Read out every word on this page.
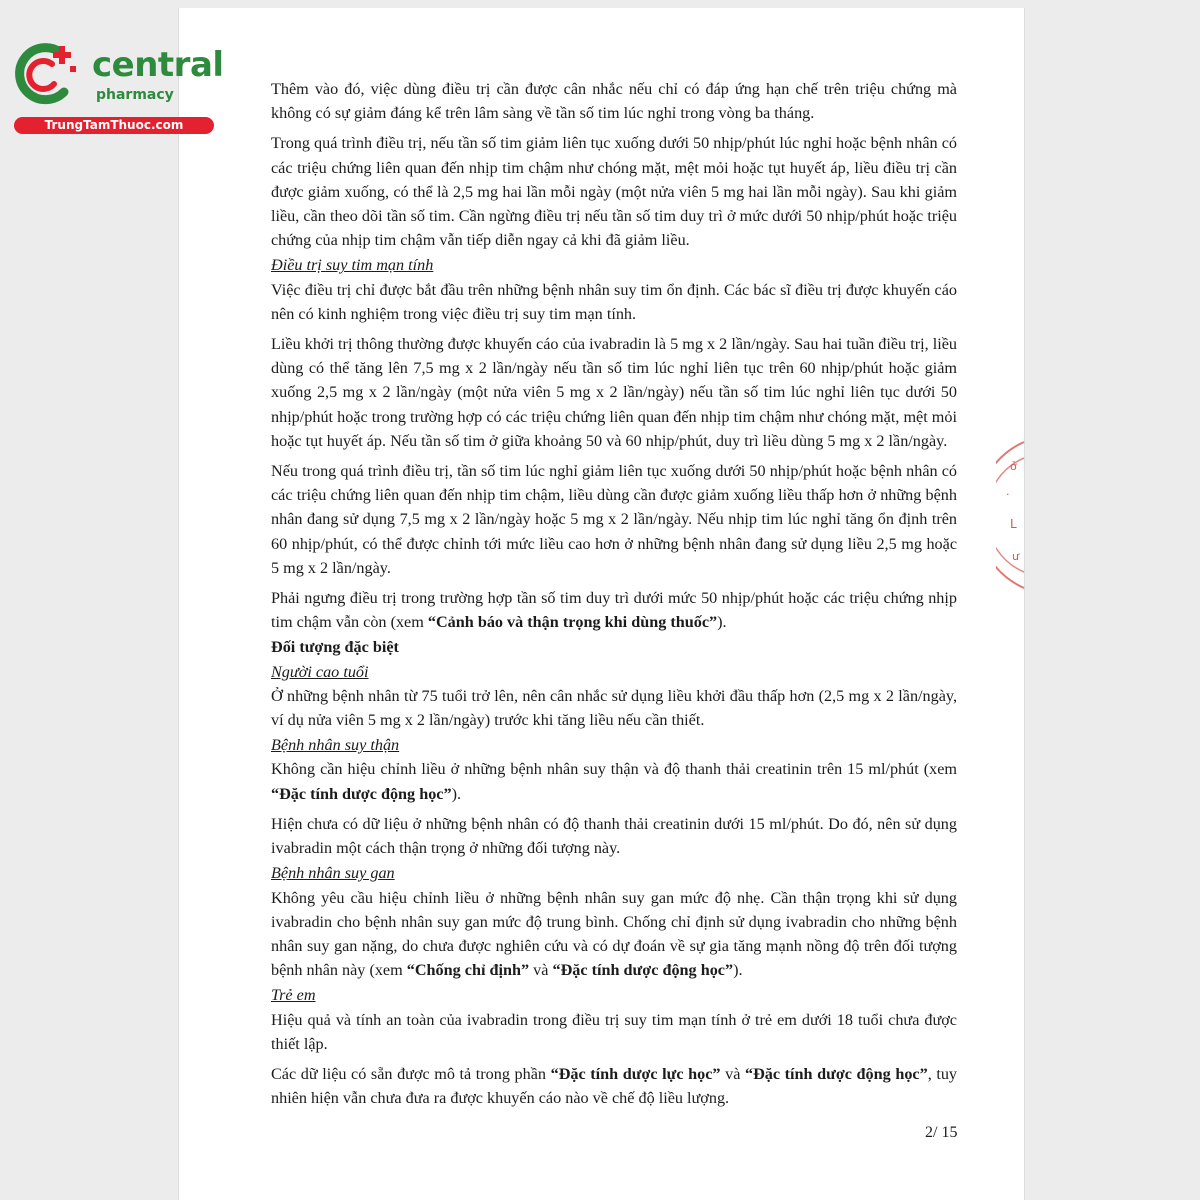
central
pharmacy
TrungTamThuoc.com
ở
.
L
ư

Thêm vào đó, việc dùng điều trị cần được cân nhắc nếu chỉ có đáp ứng hạn chế trên triệu chứng mà không có sự giảm đáng kể trên lâm sàng về tần số tim lúc nghỉ trong vòng ba tháng.

Trong quá trình điều trị, nếu tần số tim giảm liên tục xuống dưới 50 nhịp/phút lúc nghỉ hoặc bệnh nhân có các triệu chứng liên quan đến nhịp tim chậm như chóng mặt, mệt mỏi hoặc tụt huyết áp, liều điều trị cần được giảm xuống, có thể là 2,5 mg hai lần mỗi ngày (một nửa viên 5 mg hai lần mỗi ngày). Sau khi giảm liều, cần theo dõi tần số tim. Cần ngừng điều trị nếu tần số tim duy trì ở mức dưới 50 nhịp/phút hoặc triệu chứng của nhịp tim chậm vẫn tiếp diễn ngay cả khi đã giảm liều.

Điều trị suy tim mạn tính

Việc điều trị chỉ được bắt đầu trên những bệnh nhân suy tim ổn định. Các bác sĩ điều trị được khuyến cáo nên có kinh nghiệm trong việc điều trị suy tim mạn tính.

Liều khởi trị thông thường được khuyến cáo của ivabradin là 5 mg x 2 lần/ngày. Sau hai tuần điều trị, liều dùng có thể tăng lên 7,5 mg x 2 lần/ngày nếu tần số tim lúc nghỉ liên tục trên 60 nhịp/phút hoặc giảm xuống 2,5 mg x 2 lần/ngày (một nửa viên 5 mg x 2 lần/ngày) nếu tần số tim lúc nghỉ liên tục dưới 50 nhịp/phút hoặc trong trường hợp có các triệu chứng liên quan đến nhịp tim chậm như chóng mặt, mệt mỏi hoặc tụt huyết áp. Nếu tần số tim ở giữa khoảng 50 và 60 nhịp/phút, duy trì liều dùng 5 mg x 2 lần/ngày.

Nếu trong quá trình điều trị, tần số tim lúc nghỉ giảm liên tục xuống dưới 50 nhịp/phút hoặc bệnh nhân có các triệu chứng liên quan đến nhịp tim chậm, liều dùng cần được giảm xuống liều thấp hơn ở những bệnh nhân đang sử dụng 7,5 mg x 2 lần/ngày hoặc 5 mg x 2 lần/ngày. Nếu nhịp tim lúc nghỉ tăng ổn định trên 60 nhịp/phút, có thể được chỉnh tới mức liều cao hơn ở những bệnh nhân đang sử dụng liều 2,5 mg hoặc 5 mg x 2 lần/ngày.

Phải ngưng điều trị trong trường hợp tần số tim duy trì dưới mức 50 nhịp/phút hoặc các triệu chứng nhịp tim chậm vẫn còn (xem “Cảnh báo và thận trọng khi dùng thuốc”).

Đối tượng đặc biệt

Người cao tuổi

Ở những bệnh nhân từ 75 tuổi trở lên, nên cân nhắc sử dụng liều khởi đầu thấp hơn (2,5 mg x 2 lần/ngày, ví dụ nửa viên 5 mg x 2 lần/ngày) trước khi tăng liều nếu cần thiết.

Bệnh nhân suy thận

Không cần hiệu chỉnh liều ở những bệnh nhân suy thận và độ thanh thải creatinin trên 15 ml/phút (xem “Đặc tính dược động học”).

Hiện chưa có dữ liệu ở những bệnh nhân có độ thanh thải creatinin dưới 15 ml/phút. Do đó, nên sử dụng ivabradin một cách thận trọng ở những đối tượng này.

Bệnh nhân suy gan

Không yêu cầu hiệu chỉnh liều ở những bệnh nhân suy gan mức độ nhẹ. Cần thận trọng khi sử dụng ivabradin cho bệnh nhân suy gan mức độ trung bình. Chống chỉ định sử dụng ivabradin cho những bệnh nhân suy gan nặng, do chưa được nghiên cứu và có dự đoán về sự gia tăng mạnh nồng độ trên đối tượng bệnh nhân này (xem “Chống chỉ định” và “Đặc tính dược động học”).

Trẻ em

Hiệu quả và tính an toàn của ivabradin trong điều trị suy tim mạn tính ở trẻ em dưới 18 tuổi chưa được thiết lập.

Các dữ liệu có sẵn được mô tả trong phần “Đặc tính dược lực học” và “Đặc tính dược động học”, tuy nhiên hiện vẫn chưa đưa ra được khuyến cáo nào về chế độ liều lượng.

2/ 15
